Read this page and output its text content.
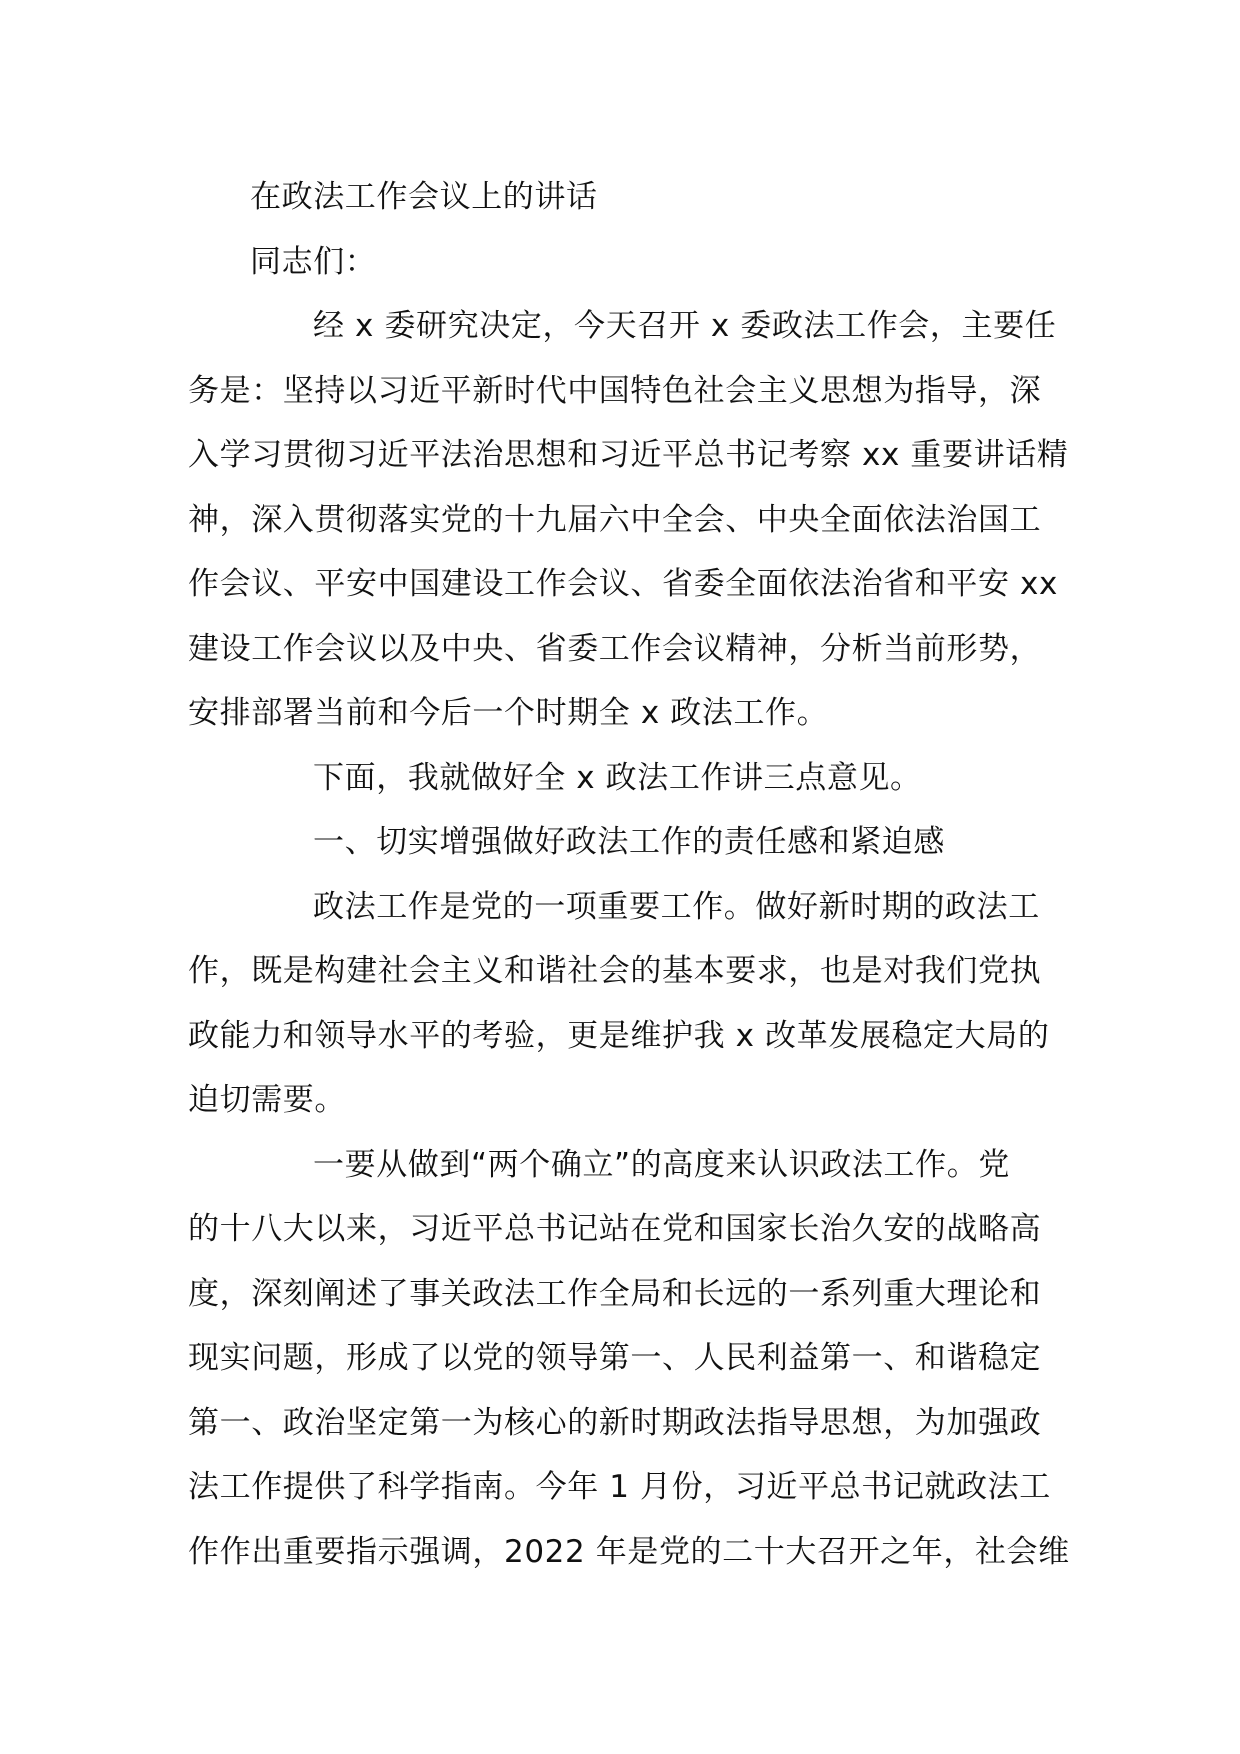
在政法工作会议上的讲话
同志们：
经 x 委研究决定，今天召开 x 委政法工作会，主要任
务是：坚持以习近平新时代中国特色社会主义思想为指导，深
入学习贯彻习近平法治思想和习近平总书记考察 xx 重要讲话精
神，深入贯彻落实党的十九届六中全会、中央全面依法治国工
作会议、平安中国建设工作会议、省委全面依法治省和平安 xx
建设工作会议以及中央、省委工作会议精神，分析当前形势，
安排部署当前和今后一个时期全 x 政法工作。
下面，我就做好全 x 政法工作讲三点意见。
一、切实增强做好政法工作的责任感和紧迫感
政法工作是党的一项重要工作。做好新时期的政法工
作，既是构建社会主义和谐社会的基本要求，也是对我们党执
政能力和领导水平的考验，更是维护我 x 改革发展稳定大局的
迫切需要。
一要从做到“两个确立”的高度来认识政法工作。党
的十八大以来，习近平总书记站在党和国家长治久安的战略高
度，深刻阐述了事关政法工作全局和长远的一系列重大理论和
现实问题，形成了以党的领导第一、人民利益第一、和谐稳定
第一、政治坚定第一为核心的新时期政法指导思想，为加强政
法工作提供了科学指南。今年 1 月份，习近平总书记就政法工
作作出重要指示强调，2022 年是党的二十大召开之年，社会维
